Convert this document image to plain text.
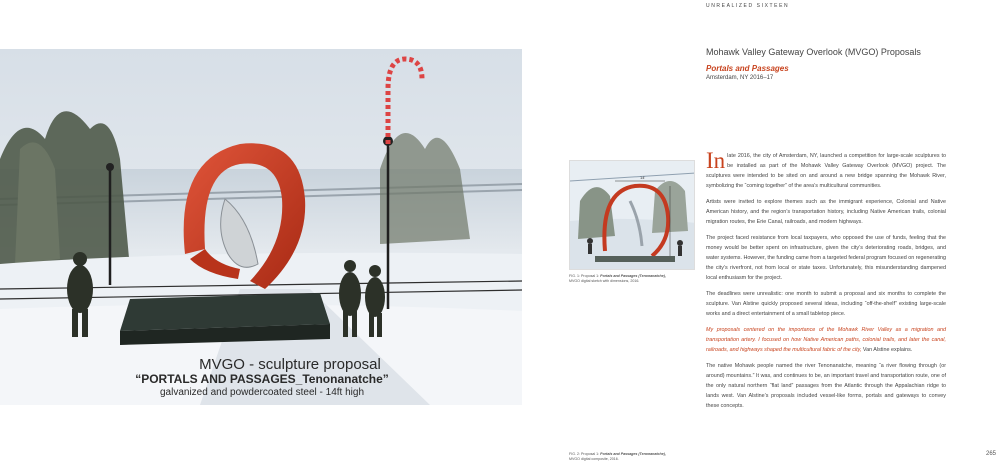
UNREALIZED SIXTEEN
MVGO - sculpture proposal
“PORTALS AND PASSAGES_Tenonanatche”
galvanized and powdercoated steel - 14ft high
14'
FIG. 1: Proposal 1: Portals and Passages (Tenonanatche),
MVGO digital sketch with dimensions, 2016.
FIG. 2: Proposal 1: Portals and Passages (Tenonanatche),
MVGO digital composite, 2016.
Mohawk Valley Gateway Overlook (MVGO) Proposals
Portals and Passages
Amsterdam, NY 2016–17

In late 2016, the city of Amsterdam, NY, launched a competition for large-scale sculptures to be installed as part of the Mohawk Valley Gateway Overlook (MVGO) project. The sculptures were intended to be sited on and around a new bridge spanning the Mohawk River, symbolizing the “coming together” of the area’s multicultural communities.

Artists were invited to explore themes such as the immigrant experience, Colonial and Native American history, and the region’s transportation history, including Native American trails, colonial migration routes, the Erie Canal, railroads, and modern highways.

The project faced resistance from local taxpayers, who opposed the use of funds, feeling that the money would be better spent on infrastructure, given the city’s deteriorating roads, bridges, and water systems. However, the funding came from a targeted federal program focused on regenerating the city’s riverfront, not from local or state taxes. Unfortunately, this misunderstanding dampened local enthusiasm for the project.

The deadlines were unrealistic: one month to submit a proposal and six months to complete the sculpture. Van Alstine quickly proposed several ideas, including “off-the-shelf” existing large-scale works and a direct entertainment of a small tabletop piece.

My proposals centered on the importance of the Mohawk River Valley as a migration and transportation artery. I focused on how Native American paths, colonial trails, and later the canal, railroads, and highways shaped the multicultural fabric of the city, Van Alstine explains.

The native Mohawk people named the river Tenonanatche, meaning “a river flowing through (or around) mountains.” It was, and continues to be, an important travel and transportation route, one of the only natural northern “flat land” passages from the Atlantic through the Appalachian ridge to lands west. Van Alstine’s proposals included vessel-like forms, portals and gateways to convey these concepts.

265
